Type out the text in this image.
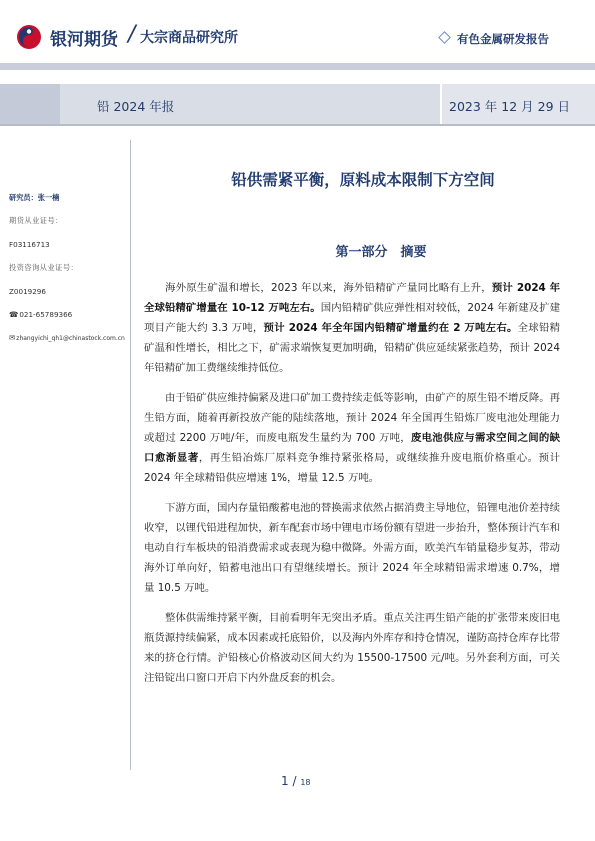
银河期货 / 大宗商品研究所	有色金属研发报告
铅 2024 年报	2023 年 12 月 29 日
研究员：张一楠
期货从业证号：
F03116713
投资咨询从业证号：
Z0019296
☎021-65789366
✉zhangyichi_qh1@chinastock.com.cn
铅供需紧平衡，原料成本限制下方空间
第一部分　摘要

海外原生矿温和增长，2023 年以来，海外铅精矿产量同比略有上升，预计 2024 年全球铅精矿增量在 10-12 万吨左右。国内铅精矿供应弹性相对较低，2024 年新建及扩建项目产能大约 3.3 万吨，预计 2024 年全年国内铅精矿增量约在 2 万吨左右。全球铅精矿温和性增长，相比之下，矿需求端恢复更加明确，铅精矿供应延续紧张趋势，预计 2024 年铅精矿加工费继续维持低位。

由于铅矿供应维持偏紧及进口矿加工费持续走低等影响，由矿产的原生铅不增反降。再生铅方面，随着再新投放产能的陆续落地，预计 2024 年全国再生铅炼厂废电池处理能力或超过 2200 万吨/年，而废电瓶发生量约为 700 万吨，废电池供应与需求空间之间的缺口愈渐显著，再生铅冶炼厂原料竞争维持紧张格局，或继续推升废电瓶价格重心。预计 2024 年全球精铅供应增速 1%，增量 12.5 万吨。

下游方面，国内存量铅酸蓄电池的替换需求依然占据消费主导地位，铅锂电池价差持续收窄，以锂代铅进程加快，新车配套市场中锂电市场份额有望进一步抬升，整体预计汽车和电动自行车板块的铅消费需求或表现为稳中微降。外需方面，欧美汽车销量稳步复苏，带动海外订单向好，铅蓄电池出口有望继续增长。预计 2024 年全球精铅需求增速 0.7%，增量 10.5 万吨。

整体供需维持紧平衡，目前看明年无突出矛盾。重点关注再生铅产能的扩张带来废旧电瓶货源持续偏紧，成本因素或托底铅价，以及海内外库存和持仓情况，谨防高持仓库存比带来的挤仓行情。沪铅核心价格波动区间大约为 15500-17500 元/吨。另外套利方面，可关注铅锭出口窗口开启下内外盘反套的机会。

1 / 18
